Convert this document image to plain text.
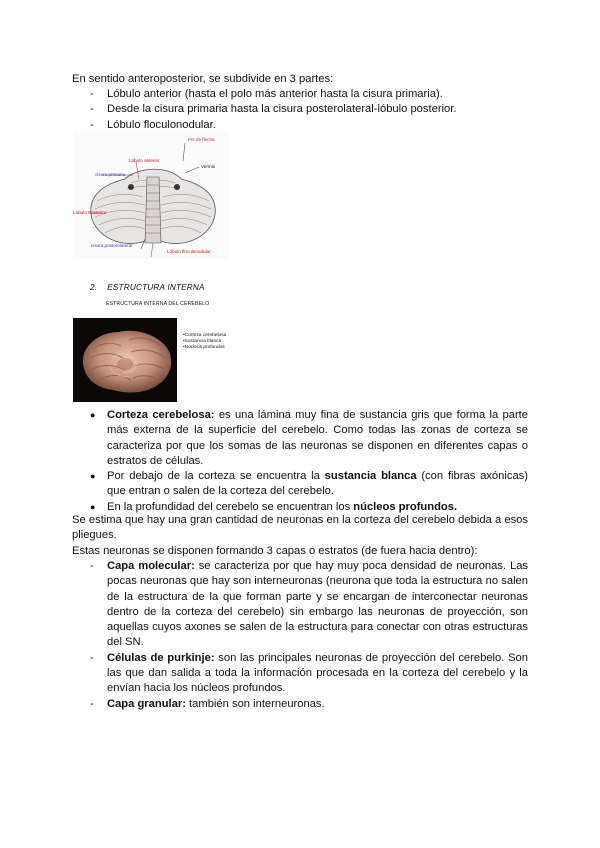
En sentido anteroposterior, se subdivide en 3 partes:

- Lóbulo anterior (hasta el polo más anterior hasta la cisura primaria).
- Desde la cisura primaria hasta la cisura posterolateral-lóbulo posterior.
- Lóbulo floculonodular.
Pie de flecha
Lóbulo anterior
cisura primaria
Vermis
Lóbulo Posterior
cisura posterolateral
Lóbulo floculonodular
2. ESTRUCTURA INTERNA
ESTRUCTURA INTERNA DEL CEREBELO
•Corteza cerebelosa
•Sustancia blanca
•Núcleos profundos
● Corteza cerebelosa: es una lámina muy fina de sustancia gris que forma la parte más externa de la superficie del cerebelo. Como todas las zonas de corteza se caracteriza por que los somas de las neuronas se disponen en diferentes capas o estratos de células.
● Por debajo de la corteza se encuentra la sustancia blanca (con fibras axónicas) que entran o salen de la corteza del cerebelo.
● En la profundidad del cerebelo se encuentran los núcleos profundos.

Se estima que hay una gran cantidad de neuronas en la corteza del cerebelo debida a esos pliegues.

Estas neuronas se disponen formando 3 capas o estratos (de fuera hacia dentro):

- Capa molecular: se caracteriza por que hay muy poca densidad de neuronas. Las pocas neuronas que hay son interneuronas (neurona que toda la estructura no salen de la estructura de la que forman parte y se encargan de interconectar neuronas dentro de la corteza del cerebelo) sin embargo las neuronas de proyección, son aquellas cuyos axones se salen de la estructura para conectar con otras estructuras del SN.
- Células de purkinje: son las principales neuronas de proyección del cerebelo. Son las que dan salida a toda la información procesada en la corteza del cerebelo y la envían hacia los núcleos profundos.
- Capa granular: también son interneuronas.
